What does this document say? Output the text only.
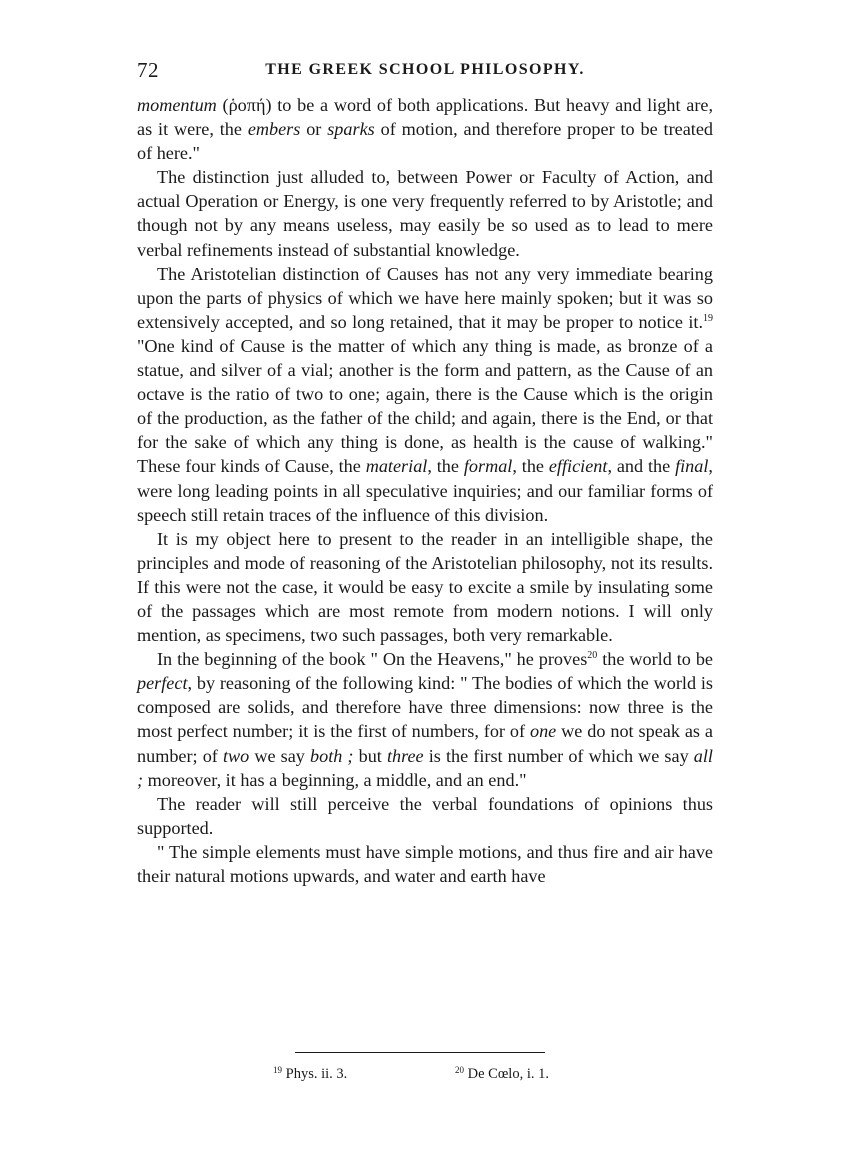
72	THE GREEK SCHOOL PHILOSOPHY.

momentum (ῥοπή) to be a word of both applications. But heavy and light are, as it were, the embers or sparks of motion, and therefore proper to be treated of here."

The distinction just alluded to, between Power or Faculty of Action, and actual Operation or Energy, is one very frequently referred to by Aristotle; and though not by any means useless, may easily be so used as to lead to mere verbal refinements instead of substantial knowledge.

The Aristotelian distinction of Causes has not any very immediate bearing upon the parts of physics of which we have here mainly spoken; but it was so extensively accepted, and so long retained, that it may be proper to notice it.$^{19}$ "One kind of Cause is the matter of which any thing is made, as bronze of a statue, and silver of a vial; another is the form and pattern, as the Cause of an octave is the ratio of two to one; again, there is the Cause which is the origin of the production, as the father of the child; and again, there is the End, or that for the sake of which any thing is done, as health is the cause of walking." These four kinds of Cause, the material, the formal, the efficient, and the final, were long leading points in all speculative inquiries; and our familiar forms of speech still retain traces of the influence of this division.

It is my object here to present to the reader in an intelligible shape, the principles and mode of reasoning of the Aristotelian philosophy, not its results. If this were not the case, it would be easy to excite a smile by insulating some of the passages which are most remote from modern notions. I will only mention, as specimens, two such passages, both very remarkable.

In the beginning of the book " On the Heavens," he proves$^{20}$ the world to be perfect, by reasoning of the following kind: " The bodies of which the world is composed are solids, and therefore have three dimensions: now three is the most perfect number; it is the first of numbers, for of one we do not speak as a number; of two we say both ; but three is the first number of which we say all ; moreover, it has a beginning, a middle, and an end."

The reader will still perceive the verbal foundations of opinions thus supported.

" The simple elements must have simple motions, and thus fire and air have their natural motions upwards, and water and earth have

$^{19}$ Phys. ii. 3.	$^{20}$ De Cœlo, i. 1.
